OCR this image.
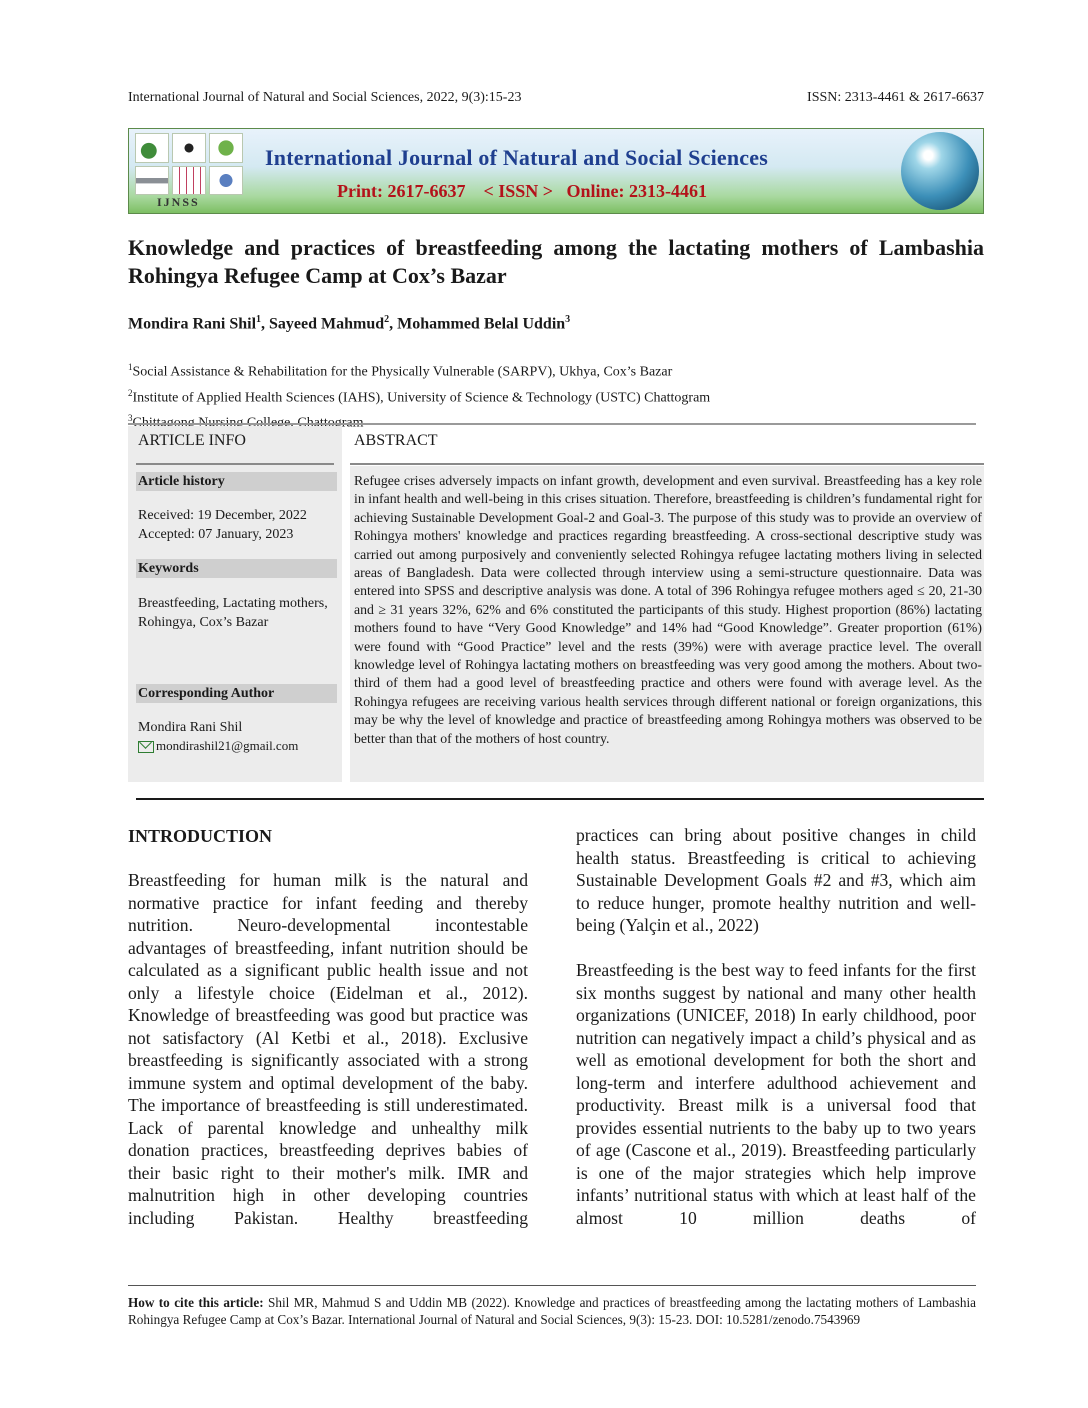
International Journal of Natural and Social Sciences, 2022, 9(3):15-23	ISSN: 2313-4461 & 2617-6637
IJNSS
International Journal of Natural and Social Sciences
Print: 2617-6637    < ISSN >   Online: 2313-4461
Knowledge and practices of breastfeeding among the lactating mothers of Lambashia Rohingya Refugee Camp at Cox’s Bazar
Mondira Rani Shil$^1$, Sayeed Mahmud$^2$, Mohammed Belal Uddin$^3$
$^1$Social Assistance & Rehabilitation for the Physically Vulnerable (SARPV), Ukhya, Cox’s Bazar
$^2$Institute of Applied Health Sciences (IAHS), University of Science & Technology (USTC) Chattogram
$^3$
ARTICLE INFO
Article history
Received: 19 December, 2022
Accepted: 07 January, 2023
Keywords
Breastfeeding, Lactating mothers, Rohingya, Cox’s Bazar
Corresponding Author
Mondira Rani Shil
mondirashil21@gmail.com
ABSTRACT
Refugee crises adversely impacts on infant growth, development and even survival. Breastfeeding has a key role in infant health and well-being in this crises situation. Therefore, breastfeeding is children’s fundamental right for achieving Sustainable Development Goal-2 and Goal-3. The purpose of this study was to provide an overview of Rohingya mothers' knowledge and practices regarding breastfeeding. A cross-sectional descriptive study was carried out among purposively and conveniently selected Rohingya refugee lactating mothers living in selected areas of Bangladesh. Data were collected through interview using a semi-structure questionnaire. Data was entered into SPSS and descriptive analysis was done. A total of 396 Rohingya refugee mothers aged ≤ 20, 21-30 and ≥ 31 years 32%, 62% and 6% constituted the participants of this study. Highest proportion (86%) lactating mothers found to have “Very Good Knowledge” and 14% had “Good Knowledge”. Greater proportion (61%) were found with “Good Practice” level and the rests (39%) were with average practice level. The overall knowledge level of Rohingya lactating mothers on breastfeeding was very good among the mothers. About two-third of them had a good level of breastfeeding practice and others were found with average level. As the Rohingya refugees are receiving various health services through different national or foreign organizations, this may be why the level of knowledge and practice of breastfeeding among Rohingya mothers was observed to be better than that of the mothers of host country.
INTRODUCTION

Breastfeeding for human milk is the natural and normative practice for infant feeding and thereby nutrition. Neuro-developmental incontestable advantages of breastfeeding, infant nutrition should be calculated as a significant public health issue and not only a lifestyle choice (Eidelman et al., 2012). Knowledge of breastfeeding was good but practice was not satisfactory (Al Ketbi et al., 2018). Exclusive breastfeeding is significantly associated with a strong immune system and optimal development of the baby. The importance of breastfeeding is still underestimated. Lack of parental knowledge and unhealthy milk donation practices, breastfeeding deprives babies of their basic right to their mother's milk. IMR and malnutrition high in other developing countries including Pakistan. Healthy breastfeeding

practices can bring about positive changes in child health status. Breastfeeding is critical to achieving Sustainable Development Goals #2 and #3, which aim to reduce hunger, promote healthy nutrition and well-being (Yalçin et al., 2022)

Breastfeeding is the best way to feed infants for the first six months suggest by national and many other health organizations (UNICEF, 2018) In early childhood, poor nutrition can negatively impact a child’s physical and as well as emotional development for both the short and long-term and interfere adulthood achievement and productivity. Breast milk is a universal food that provides essential nutrients to the baby up to two years of age (Cascone et al., 2019). Breastfeeding particularly is one of the major strategies which help improve infants’ nutritional status with which at least half of the almost 10 million deaths of

How to cite this article: Shil MR, Mahmud S and Uddin MB (2022). Knowledge and practices of breastfeeding among the lactating mothers of Lambashia Rohingya Refugee Camp at Cox’s Bazar. International Journal of Natural and Social Sciences, 9(3): 15-23. DOI: 10.5281/zenodo.7543969
